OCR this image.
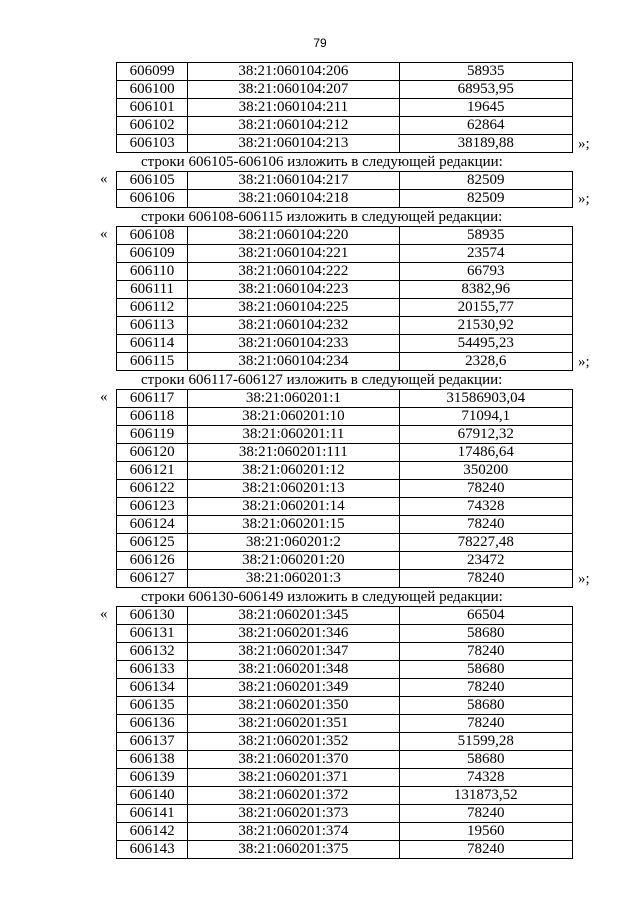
79
606099	38:21:060104:206	58935
606100	38:21:060104:207	68953,95
606101	38:21:060104:211	19645
606102	38:21:060104:212	62864
606103	38:21:060104:213	38189,88	»;
строки 606105-606106 изложить в следующей редакции:
« 606105	38:21:060104:217	82509
606106	38:21:060104:218	82509	»;
строки 606108-606115 изложить в следующей редакции:
« 606108	38:21:060104:220	58935
606109	38:21:060104:221	23574
606110	38:21:060104:222	66793
606111	38:21:060104:223	8382,96
606112	38:21:060104:225	20155,77
606113	38:21:060104:232	21530,92
606114	38:21:060104:233	54495,23
606115	38:21:060104:234	2328,6	»;
строки 606117-606127 изложить в следующей редакции:
« 606117	38:21:060201:1	31586903,04
606118	38:21:060201:10	71094,1
606119	38:21:060201:11	67912,32
606120	38:21:060201:111	17486,64
606121	38:21:060201:12	350200
606122	38:21:060201:13	78240
606123	38:21:060201:14	74328
606124	38:21:060201:15	78240
606125	38:21:060201:2	78227,48
606126	38:21:060201:20	23472
606127	38:21:060201:3	78240	»;
строки 606130-606149 изложить в следующей редакции:
« 606130	38:21:060201:345	66504
606131	38:21:060201:346	58680
606132	38:21:060201:347	78240
606133	38:21:060201:348	58680
606134	38:21:060201:349	78240
606135	38:21:060201:350	58680
606136	38:21:060201:351	78240
606137	38:21:060201:352	51599,28
606138	38:21:060201:370	58680
606139	38:21:060201:371	74328
606140	38:21:060201:372	131873,52
606141	38:21:060201:373	78240
606142	38:21:060201:374	19560
606143	38:21:060201:375	78240
